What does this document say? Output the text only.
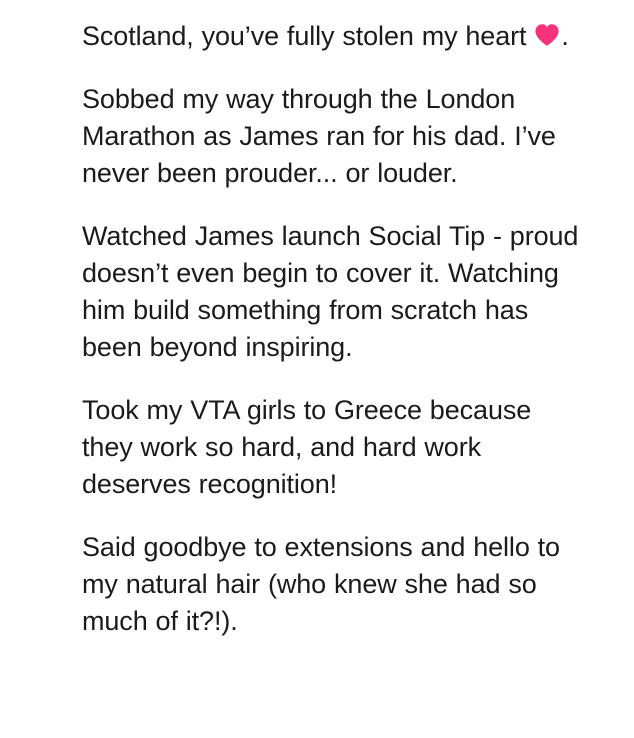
Scotland, you’ve fully stolen my heart .

Sobbed my way through the London Marathon as James ran for his dad. I’ve never been prouder... or louder.

Watched James launch Social Tip - proud doesn’t even begin to cover it. Watching him build something from scratch has been beyond inspiring.

Took my VTA girls to Greece because they work so hard, and hard work deserves recognition!

Said goodbye to extensions and hello to my natural hair (who knew she had so much of it?!).
